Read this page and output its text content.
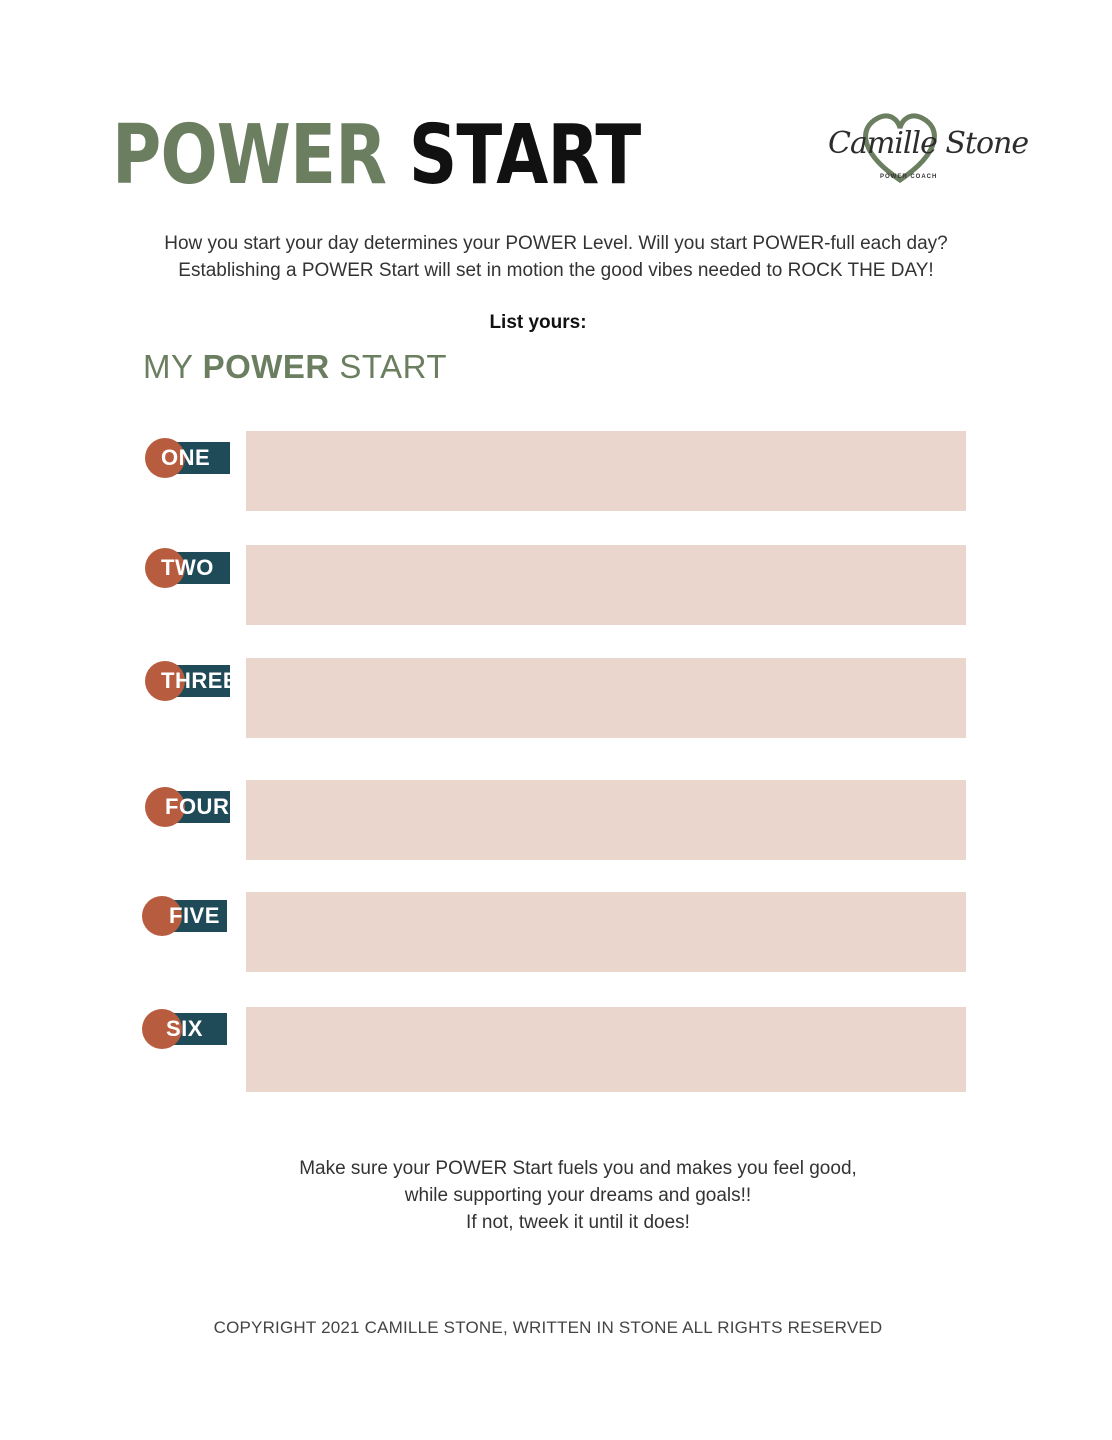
POWER START	Camille Stone
POWER COACH

How you start your day determines your POWER Level. Will you start POWER-full each day?
Establishing a POWER Start will set in motion the good vibes needed to ROCK THE DAY!

List yours:
MY POWER START
ONE
TWO
THREE
FOUR
FIVE
SIX

Make sure your POWER Start fuels you and makes you feel good,
while supporting your dreams and goals!!
If not, tweek it until it does!

COPYRIGHT 2021 CAMILLE STONE, WRITTEN IN STONE ALL RIGHTS RESERVED
